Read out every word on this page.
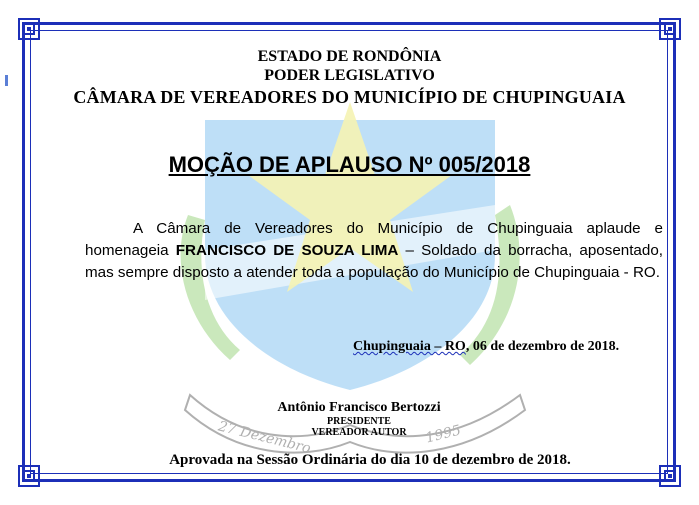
27 Dezembro	1995
ESTADO DE RONDÔNIA
PODER LEGISLATIVO
CÂMARA DE VEREADORES DO MUNICÍPIO DE CHUPINGUAIA
MOÇÃO DE APLAUSO Nº 005/2018
A Câmara de Vereadores do Município de Chupinguaia aplaude e homenageia FRANCISCO DE SOUZA LIMA – Soldado da borracha, aposentado, mas sempre disposto a atender toda a população do Município de Chupinguaia - RO.
Chupinguaia – RO, 06 de dezembro de 2018.
Antônio Francisco Bertozzi
PRESIDENTE
VEREADOR AUTOR
Aprovada na Sessão Ordinária do dia 10 de dezembro de 2018.
